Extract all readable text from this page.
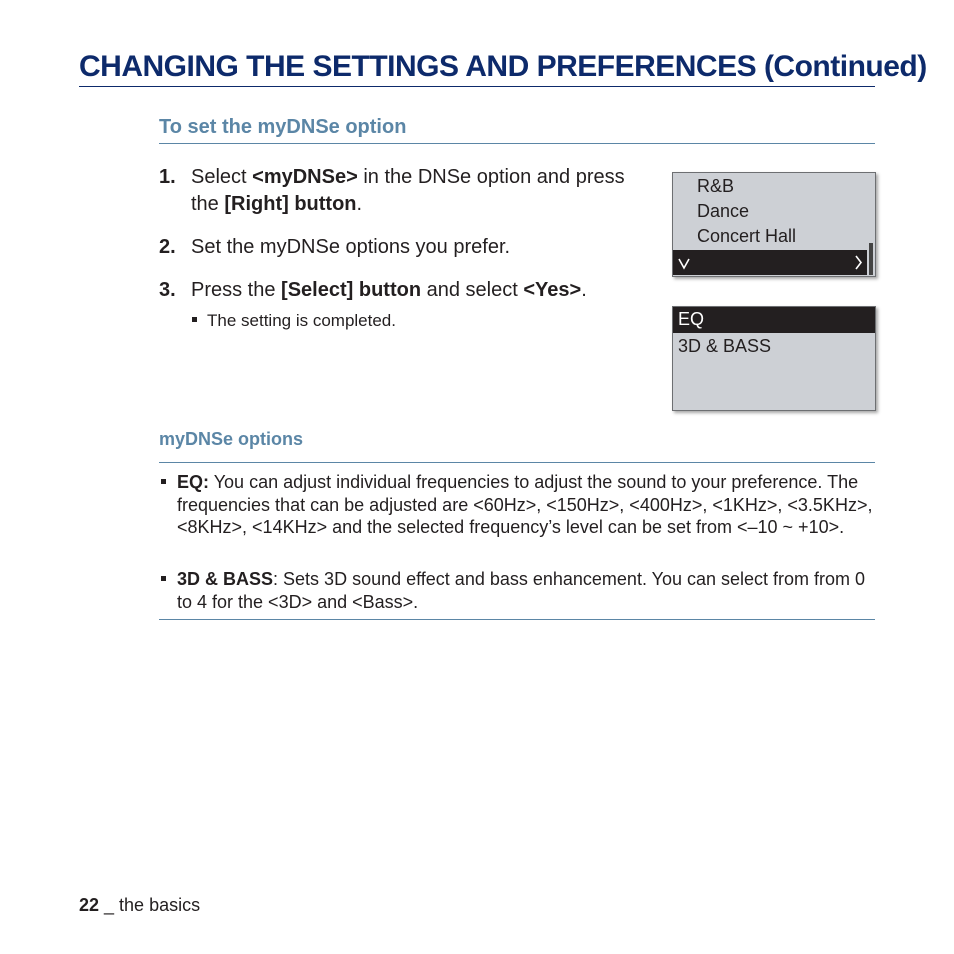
CHANGING THE SETTINGS AND PREFERENCES (Continued)
To set the myDNSe option
1. Select <myDNSe> in the DNSe option and press the [Right] button.
2. Set the myDNSe options you prefer.
3. Press the [Select] button and select <Yes>.
The setting is completed.
R&B
Dance
Concert Hall
EQ
3D & BASS
myDNSe options
EQ: You can adjust individual frequencies to adjust the sound to your preference. The frequencies that can be adjusted are <60Hz>, <150Hz>, <400Hz>, <1KHz>, <3.5KHz>, <8KHz>, <14KHz> and the selected frequency’s level can be set from <–10 ~ +10>.
3D & BASS: Sets 3D sound effect and bass enhancement. You can select from from 0 to 4 for the <3D> and <Bass>.
22 _ the basics
